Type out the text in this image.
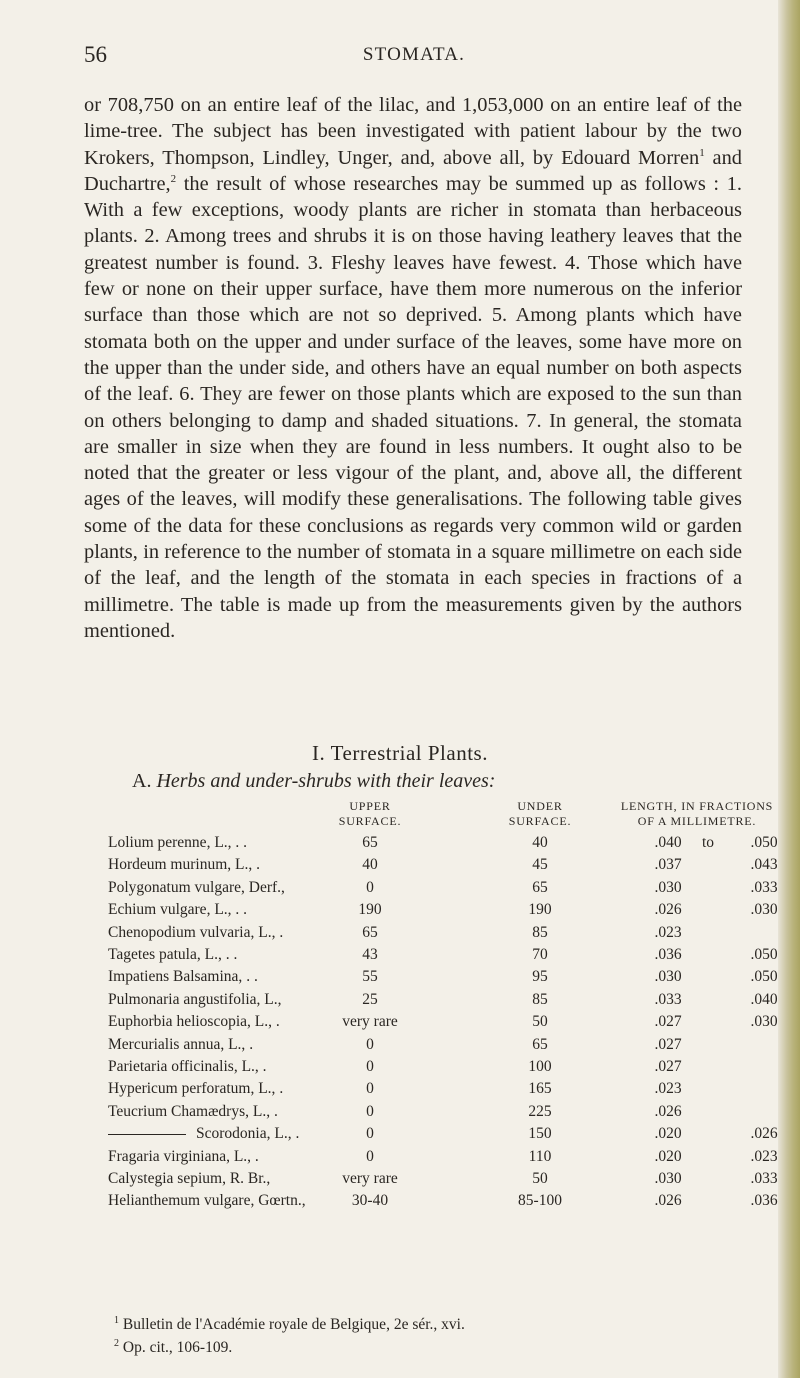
56	STOMATA.

or 708,750 on an entire leaf of the lilac, and 1,053,000 on an entire leaf of the lime-tree. The subject has been investigated with patient labour by the two Krokers, Thompson, Lindley, Unger, and, above all, by Edouard Morren$^1$ and Duchartre,$^2$ the result of whose researches may be summed up as follows : 1. With a few exceptions, woody plants are richer in stomata than herbaceous plants. 2. Among trees and shrubs it is on those having leathery leaves that the greatest number is found. 3. Fleshy leaves have fewest. 4. Those which have few or none on their upper surface, have them more numerous on the inferior surface than those which are not so deprived. 5. Among plants which have stomata both on the upper and under surface of the leaves, some have more on the upper than the under side, and others have an equal number on both aspects of the leaf. 6. They are fewer on those plants which are exposed to the sun than on others belonging to damp and shaded situations. 7. In general, the stomata are smaller in size when they are found in less numbers. It ought also to be noted that the greater or less vigour of the plant, and, above all, the different ages of the leaves, will modify these generalisations. The following table gives some of the data for these conclusions as regards very common wild or garden plants, in reference to the number of stomata in a square millimetre on each side of the leaf, and the length of the stomata in each species in fractions of a millimetre. The table is made up from the measurements given by the authors mentioned.

I. Terrestrial Plants.
A. Herbs and under-shrubs with their leaves:
UPPER
SURFACE.
UNDER
SURFACE.
LENGTH, IN FRACTIONS
OF A MILLIMETRE.
Lolium perenne, L., . .	65	40	.040	to	.050
Hordeum murinum, L., .	40	45	.037	.043
Polygonatum vulgare, Derf.,	0	65	.030	.033
Echium vulgare, L., . .	190	190	.026	.030
Chenopodium vulvaria, L., .	65	85	.023
Tagetes patula, L., . .	43	70	.036	.050
Impatiens Balsamina, . .	55	95	.030	.050
Pulmonaria angustifolia, L.,	25	85	.033	.040
Euphorbia helioscopia, L., .	very rare	50	.027	.030
Mercurialis annua, L., .	0	65	.027
Parietaria officinalis, L., .	0	100	.027
Hypericum perforatum, L., .	0	165	.023
Teucrium Chamædrys, L., .	0	225	.026
Scorodonia, L., .	0	150	.020	.026
Fragaria virginiana, L., .	0	110	.020	.023
Calystegia sepium, R. Br.,	very rare	50	.030	.033
Helianthemum vulgare, Gœrtn.,	30-40	85-100	.026	.036
$^1$ Bulletin de l'Académie royale de Belgique, 2e sér., xvi.
$^2$ Op. cit., 106-109.
